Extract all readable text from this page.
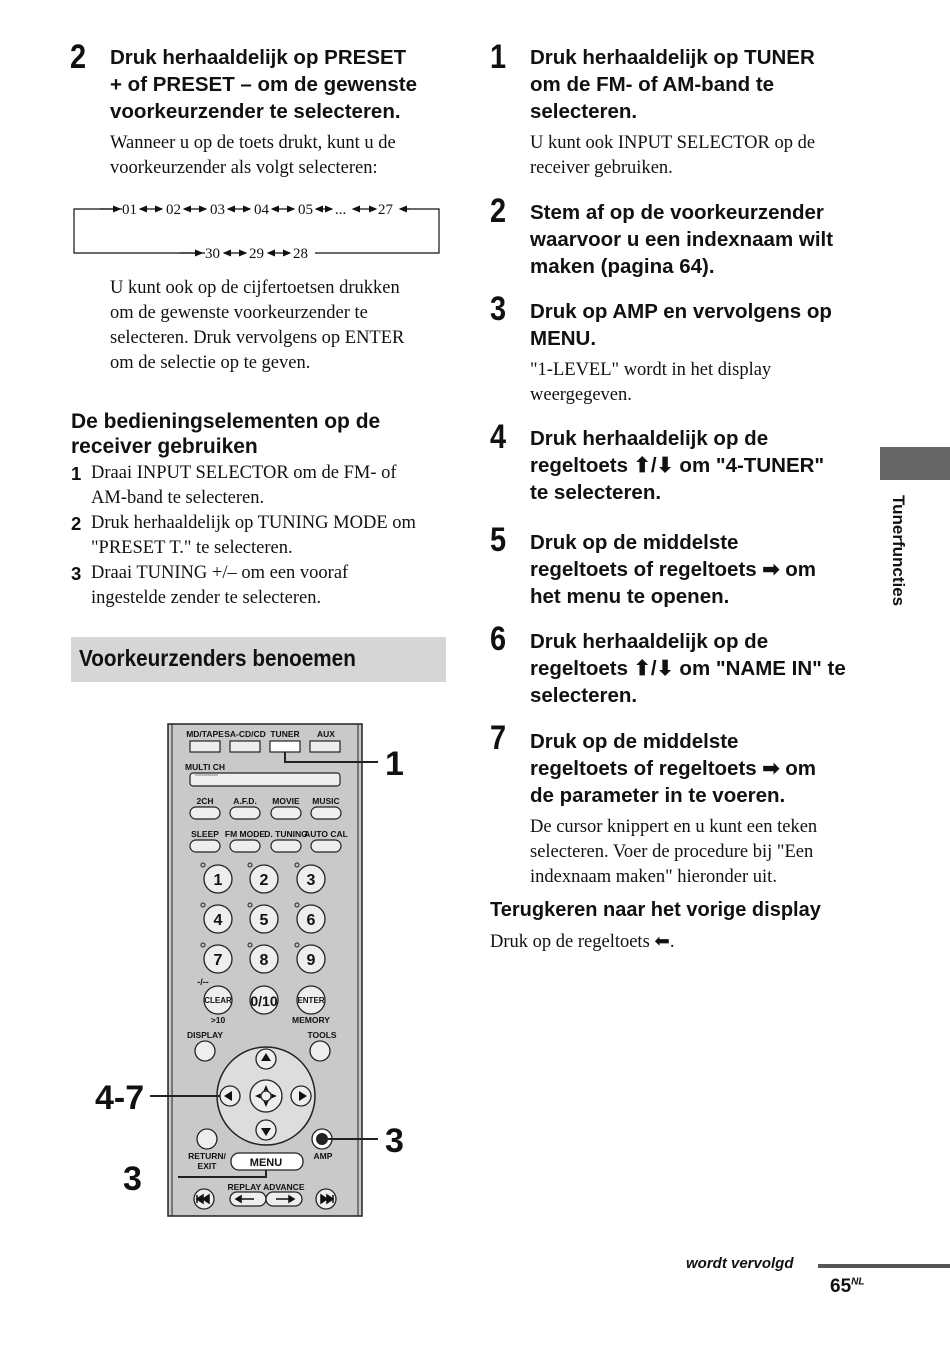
2 Druk herhaaldelijk op PRESET
+ of PRESET – om de gewenste
voorkeurzender te selecteren.
Wanneer u op de toets drukt, kunt u de
voorkeurzender als volgt selecteren:
01 02 03 04 05 ... 27
30 29 28
U kunt ook op de cijfertoetsen drukken
om de gewenste voorkeurzender te
selecteren. Druk vervolgens op ENTER
om de selectie op te geven.
De bedieningselementen op de
receiver gebruiken
1 Draai INPUT SELECTOR om de FM- of
AM-band te selecteren.
2 Druk herhaaldelijk op TUNING MODE om
"PRESET T." te selecteren.
3 Draai TUNING +/– om een vooraf
ingestelde zender te selecteren.
Voorkeurzenders benoemen
MD/TAPE SA-CD/CD TUNER AUX
MULTI CH
2CH A.F.D. MOVIE MUSIC
SLEEP FM MODE D. TUNING
AUTO CAL
1 2 3
4 5 6
7 8 9
-/--
CLEAR 0/10 ENTER
>10	MEMORY
DISPLAY	TOOLS
RETURN/
EXIT	MENU
AMP
REPLAY ADVANCE
1
4-7
3
3
1 Druk herhaaldelijk op TUNER
om de FM- of AM-band te
selecteren.
U kunt ook INPUT SELECTOR op de
receiver gebruiken.
2 Stem af op de voorkeurzender
waarvoor u een indexnaam wilt
maken (pagina 64).
3 Druk op AMP en vervolgens op
MENU.
"1-LEVEL" wordt in het display
weergegeven.
4 Druk herhaaldelijk op de
regeltoets ⬆/⬇ om "4-TUNER"
te selecteren.
5 Druk op de middelste
regeltoets of regeltoets ➡ om
het menu te openen.
6 Druk herhaaldelijk op de
regeltoets ⬆/⬇ om "NAME IN" te
selecteren.
7 Druk op de middelste
regeltoets of regeltoets ➡ om
de parameter in te voeren.
De cursor knippert en u kunt een teken
selecteren. Voer de procedure bij "Een
indexnaam maken" hieronder uit.
Terugkeren naar het vorige display
Druk op de regeltoets ⬅.
Tunerfuncties
wordt vervolgd
$65^{NL}$
